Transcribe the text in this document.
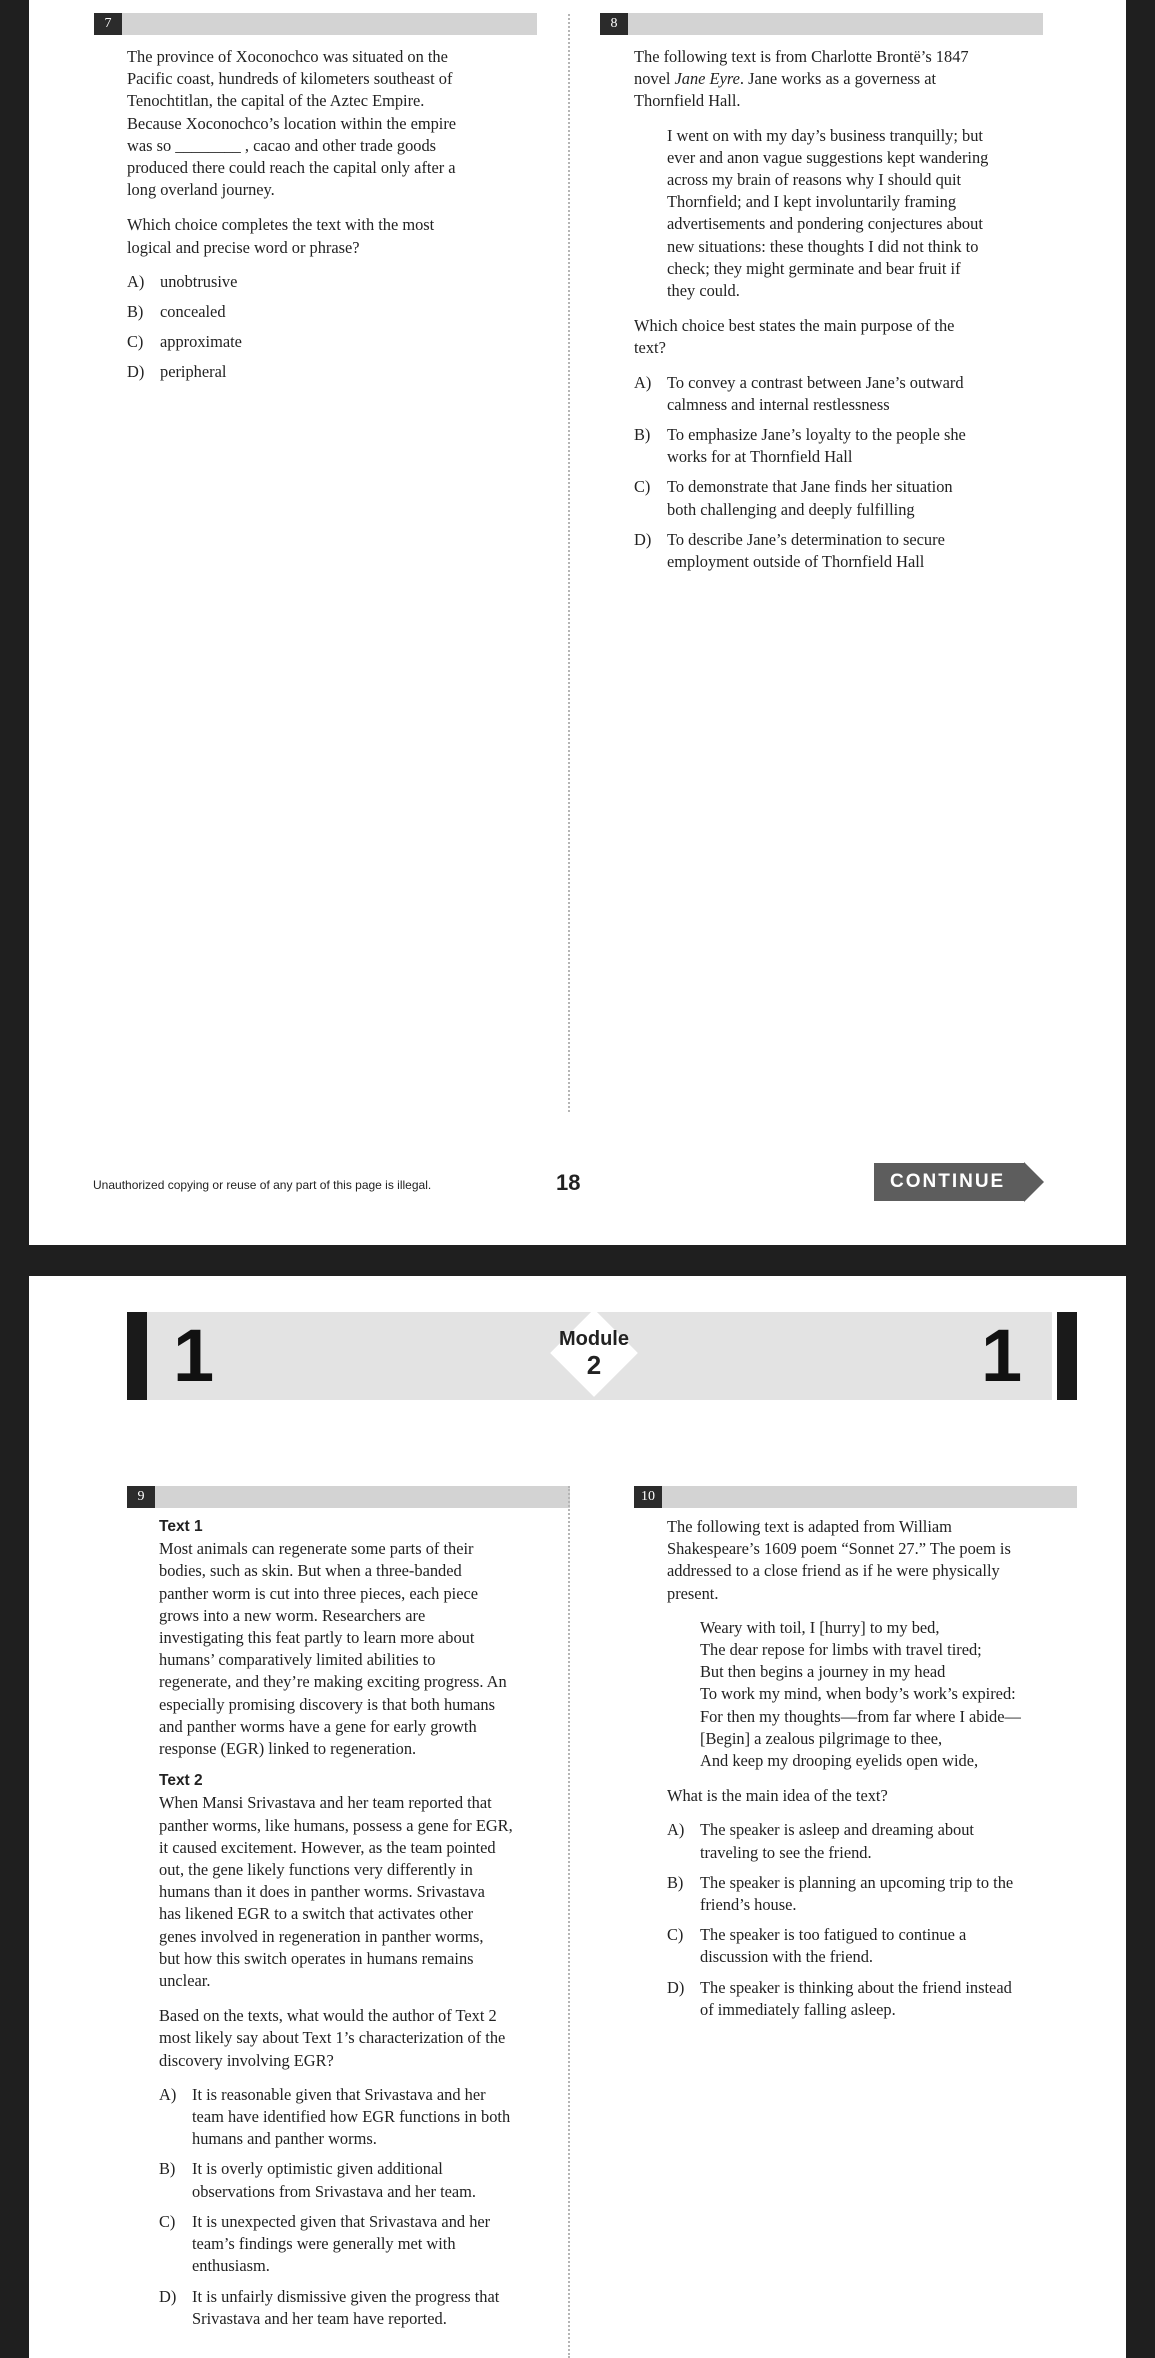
7

The province of Xoconochco was situated on the
Pacific coast, hundreds of kilometers southeast of
Tenochtitlan, the capital of the Aztec Empire.
Because Xoconochco’s location within the empire
was so ________ , cacao and other trade goods
produced there could reach the capital only after a
long overland journey.

Which choice completes the text with the most
logical and precise word or phrase?

A) unobtrusive
B) concealed
C) approximate
D) peripheral
8

The following text is from Charlotte Brontë’s 1847
novel Jane Eyre. Jane works as a governess at
Thornfield Hall.

I went on with my day’s business tranquilly; but
ever and anon vague suggestions kept wandering
across my brain of reasons why I should quit
Thornfield; and I kept involuntarily framing
advertisements and pondering conjectures about
new situations: these thoughts I did not think to
check; they might germinate and bear fruit if
they could.

Which choice best states the main purpose of the
text?

A) To convey a contrast between Jane’s outward
calmness and internal restlessness
B) To emphasize Jane’s loyalty to the people she
works for at Thornfield Hall
C) To demonstrate that Jane finds her situation
both challenging and deeply fulfilling
D) To describe Jane’s determination to secure
employment outside of Thornfield Hall
Unauthorized copying or reuse of any part of this page is illegal.	18	CONTINUE
1	Module
2	1
9

Text 1

Most animals can regenerate some parts of their
bodies, such as skin. But when a three-banded
panther worm is cut into three pieces, each piece
grows into a new worm. Researchers are
investigating this feat partly to learn more about
humans’ comparatively limited abilities to
regenerate, and they’re making exciting progress. An
especially promising discovery is that both humans
and panther worms have a gene for early growth
response (EGR) linked to regeneration.

Text 2

When Mansi Srivastava and her team reported that
panther worms, like humans, possess a gene for EGR,
it caused excitement. However, as the team pointed
out, the gene likely functions very differently in
humans than it does in panther worms. Srivastava
has likened EGR to a switch that activates other
genes involved in regeneration in panther worms,
but how this switch operates in humans remains
unclear.

Based on the texts, what would the author of Text 2
most likely say about Text 1’s characterization of the
discovery involving EGR?

A) It is reasonable given that Srivastava and her
team have identified how EGR functions in both
humans and panther worms.
B) It is overly optimistic given additional
observations from Srivastava and her team.
C) It is unexpected given that Srivastava and her
team’s findings were generally met with
enthusiasm.
D) It is unfairly dismissive given the progress that
Srivastava and her team have reported.
10

The following text is adapted from William
Shakespeare’s 1609 poem “Sonnet 27.” The poem is
addressed to a close friend as if he were physically
present.

Weary with toil, I [hurry] to my bed,
The dear repose for limbs with travel tired;
But then begins a journey in my head
To work my mind, when body’s work’s expired:
For then my thoughts—from far where I abide—
[Begin] a zealous pilgrimage to thee,
And keep my drooping eyelids open wide,

What is the main idea of the text?

A) The speaker is asleep and dreaming about
traveling to see the friend.
B) The speaker is planning an upcoming trip to the
friend’s house.
C) The speaker is too fatigued to continue a
discussion with the friend.
D) The speaker is thinking about the friend instead
of immediately falling asleep.
